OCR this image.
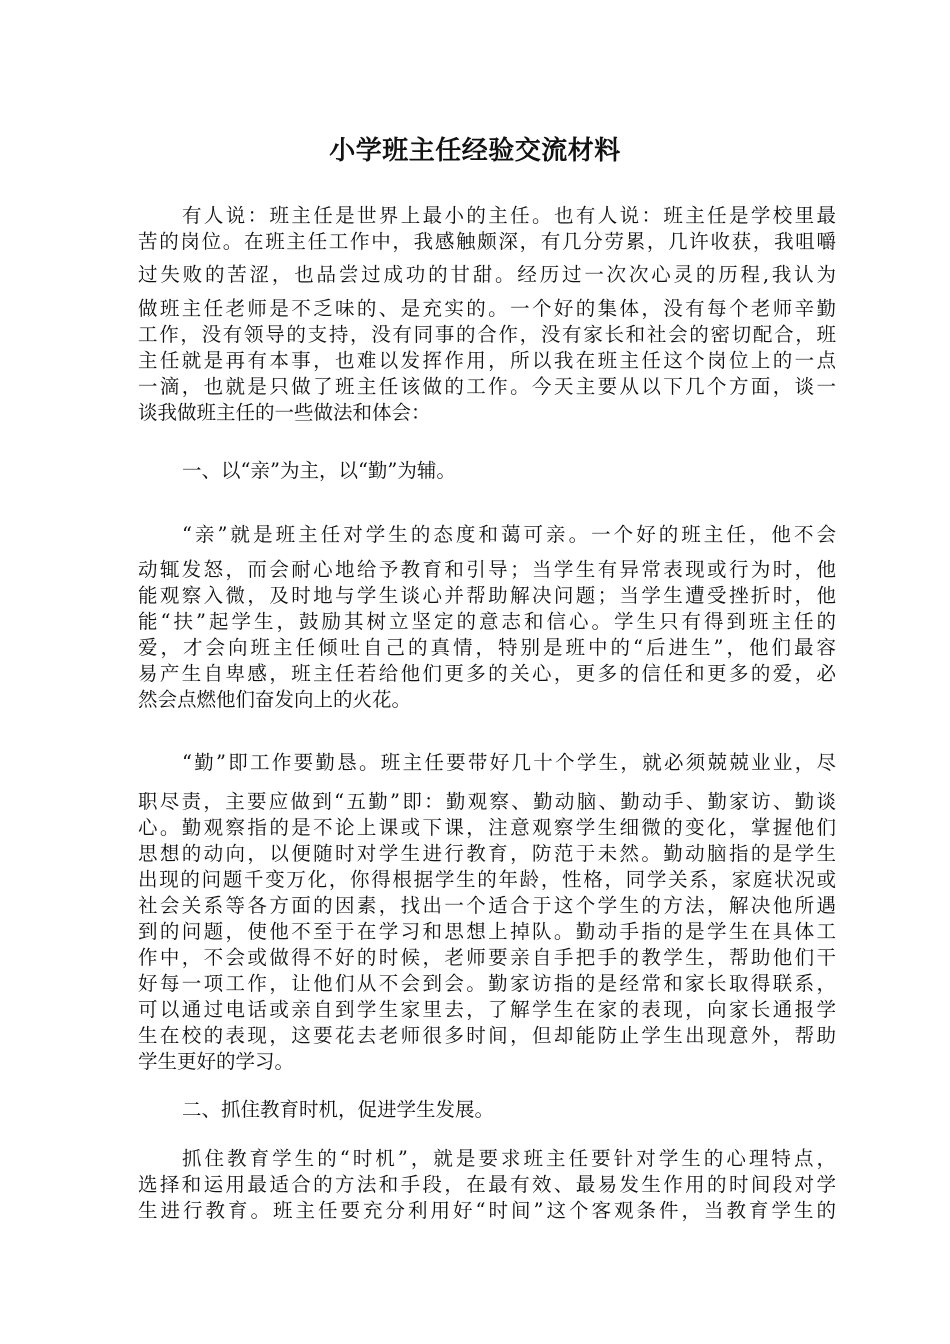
小学班主任经验交流材料
有人说：班主任是世界上最小的主任。也有人说：班主任是学校里最
苦的岗位。在班主任工作中，我感触颇深，有几分劳累，几许收获，我咀嚼
过失败的苦涩，也品尝过成功的甘甜。经历过一次次心灵的历程,我认为
做班主任老师是不乏味的、是充实的。一个好的集体，没有每个老师辛勤
工作，没有领导的支持，没有同事的合作，没有家长和社会的密切配合，班
主任就是再有本事，也难以发挥作用，所以我在班主任这个岗位上的一点
一滴，也就是只做了班主任该做的工作。今天主要从以下几个方面，谈一
谈我做班主任的一些做法和体会：
一、以“亲”为主，以“勤”为辅。
“亲”就是班主任对学生的态度和蔼可亲。一个好的班主任，他不会
动辄发怒，而会耐心地给予教育和引导；当学生有异常表现或行为时，他
能观察入微，及时地与学生谈心并帮助解决问题；当学生遭受挫折时，他
能“扶”起学生，鼓励其树立坚定的意志和信心。学生只有得到班主任的
爱，才会向班主任倾吐自己的真情，特别是班中的“后进生”，他们最容
易产生自卑感，班主任若给他们更多的关心，更多的信任和更多的爱，必
然会点燃他们奋发向上的火花。
“勤”即工作要勤恳。班主任要带好几十个学生，就必须兢兢业业，尽
职尽责，主要应做到“五勤”即：勤观察、勤动脑、勤动手、勤家访、勤谈
心。勤观察指的是不论上课或下课，注意观察学生细微的变化，掌握他们
思想的动向，以便随时对学生进行教育，防范于未然。勤动脑指的是学生
出现的问题千变万化，你得根据学生的年龄，性格，同学关系，家庭状况或
社会关系等各方面的因素，找出一个适合于这个学生的方法，解决他所遇
到的问题，使他不至于在学习和思想上掉队。勤动手指的是学生在具体工
作中，不会或做得不好的时候，老师要亲自手把手的教学生，帮助他们干
好每一项工作，让他们从不会到会。勤家访指的是经常和家长取得联系，
可以通过电话或亲自到学生家里去，了解学生在家的表现，向家长通报学
生在校的表现，这要花去老师很多时间，但却能防止学生出现意外，帮助
学生更好的学习。
二、抓住教育时机，促进学生发展。
抓住教育学生的“时机”，就是要求班主任要针对学生的心理特点，
选择和运用最适合的方法和手段，在最有效、最易发生作用的时间段对学
生进行教育。班主任要充分利用好“时间”这个客观条件，当教育学生的
